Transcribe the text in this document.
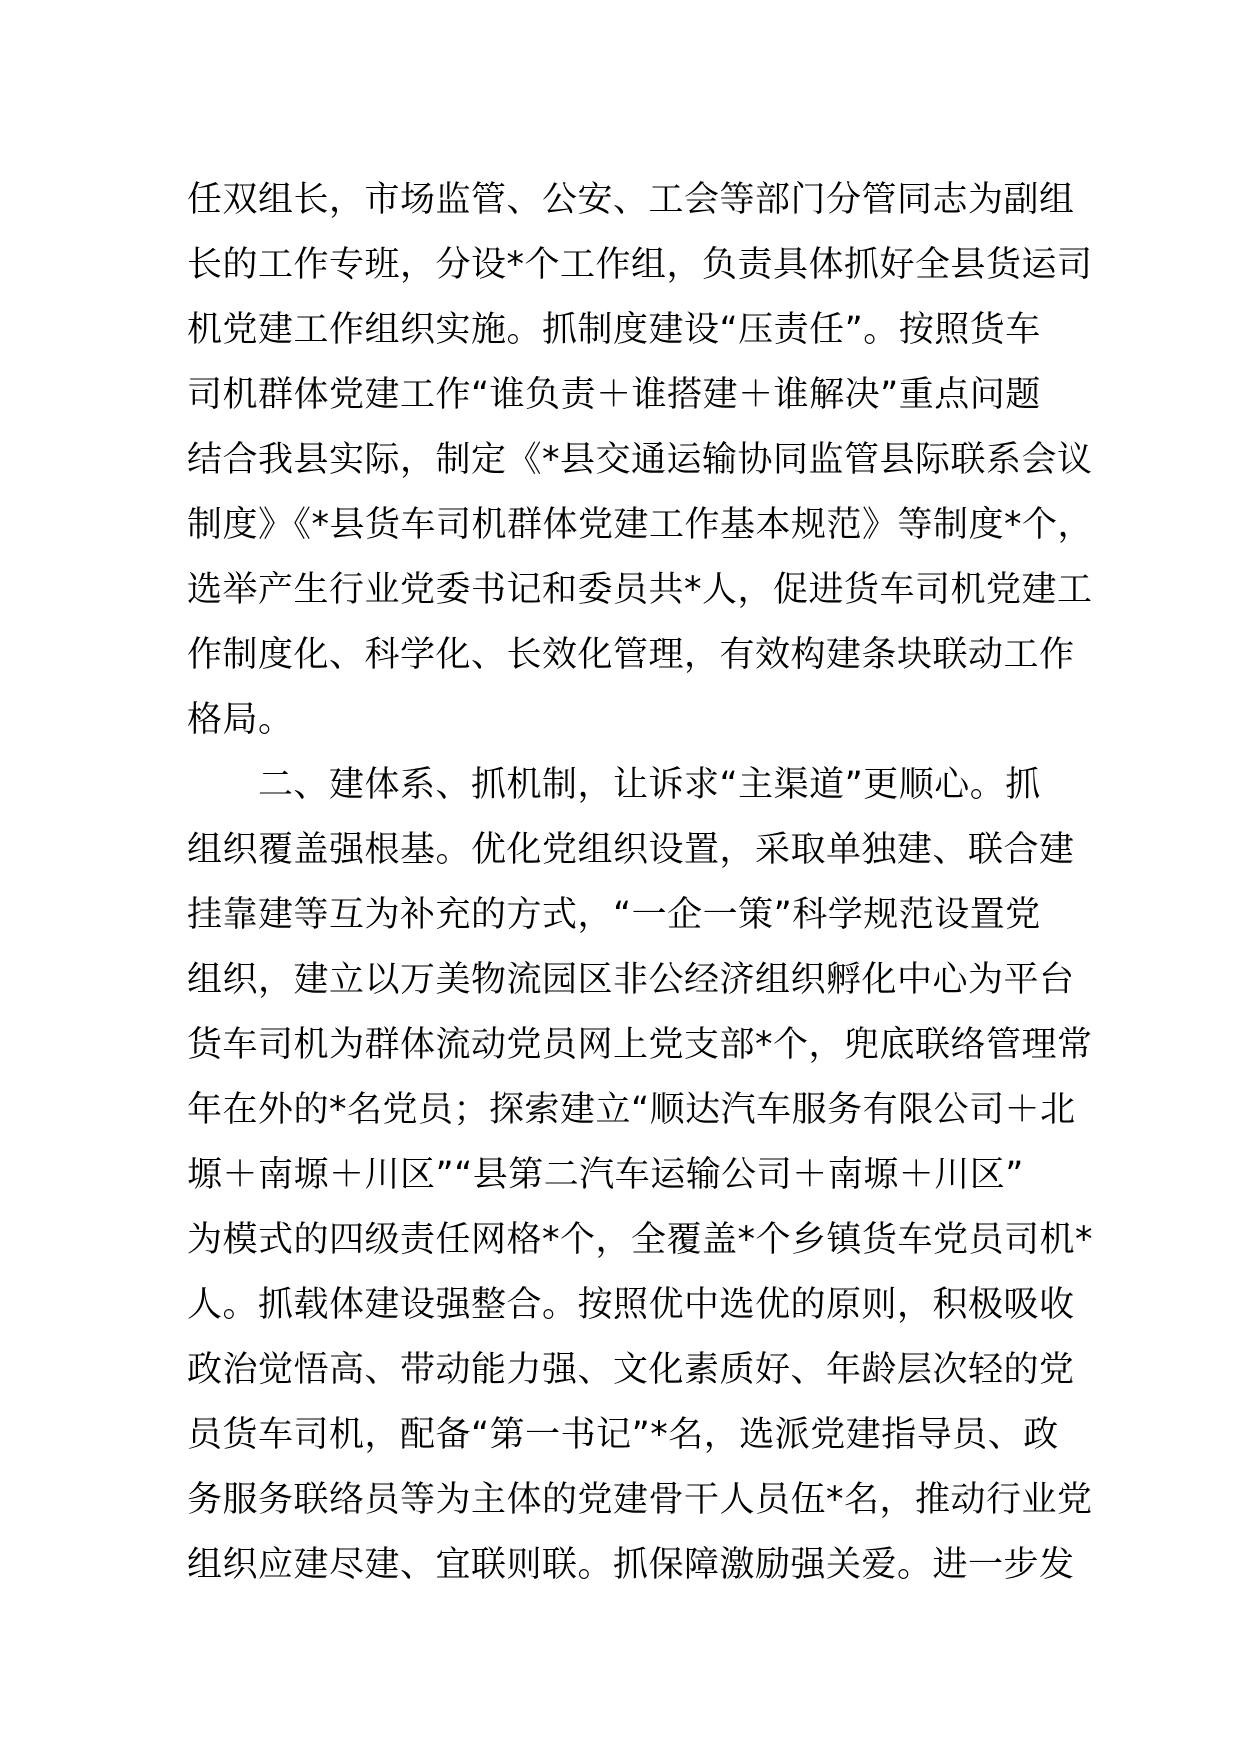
任双组长，市场监管、公安、工会等部门分管同志为副组
长的工作专班，分设*个工作组，负责具体抓好全县货运司
机党建工作组织实施。抓制度建设“压责任”。按照货车
司机群体党建工作“谁负责＋谁搭建＋谁解决”重点问题
结合我县实际，制定《*县交通运输协同监管县际联系会议
制度》《*县货车司机群体党建工作基本规范》等制度*个，
选举产生行业党委书记和委员共*人，促进货车司机党建工
作制度化、科学化、长效化管理，有效构建条块联动工作
格局。
　　二、建体系、抓机制，让诉求“主渠道”更顺心。抓
组织覆盖强根基。优化党组织设置，采取单独建、联合建
挂靠建等互为补充的方式，“一企一策”科学规范设置党
组织，建立以万美物流园区非公经济组织孵化中心为平台
货车司机为群体流动党员网上党支部*个，兜底联络管理常
年在外的*名党员；探索建立“顺达汽车服务有限公司＋北
塬＋南塬＋川区”“县第二汽车运输公司＋南塬＋川区”
为模式的四级责任网格*个，全覆盖*个乡镇货车党员司机*
人。抓载体建设强整合。按照优中选优的原则，积极吸收
政治觉悟高、带动能力强、文化素质好、年龄层次轻的党
员货车司机，配备“第一书记”*名，选派党建指导员、政
务服务联络员等为主体的党建骨干人员伍*名，推动行业党
组织应建尽建、宜联则联。抓保障激励强关爱。进一步发
